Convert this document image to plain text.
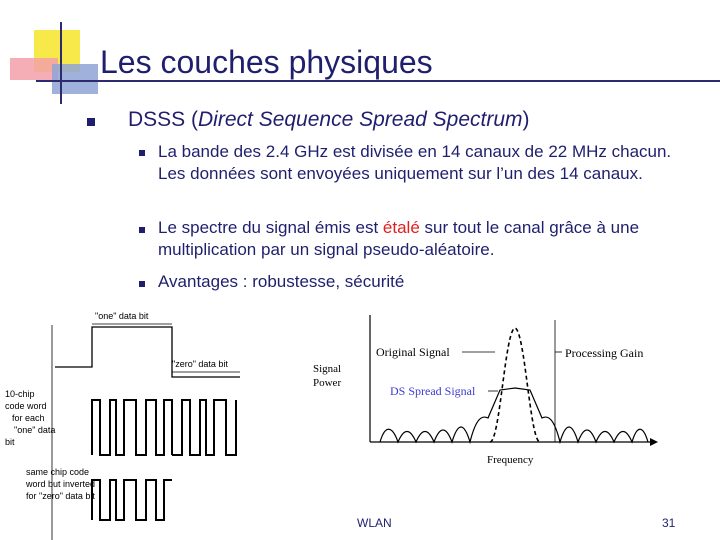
Les couches physiques
DSSS (Direct Sequence Spread Spectrum)
La bande des 2.4 GHz est divisée en 14 canaux de 22 MHz chacun. Les données sont envoyées uniquement sur l’un des 14 canaux.
Le spectre du signal émis est étalé sur tout le canal grâce à une multiplication par un signal pseudo-aléatoire.
Avantages : robustesse, sécurité
"one" data bit
"zero" data bit
10-chip
code word
for each
"one" data
bit
same chip code
word but inverted
for "zero" data bit
Signal
Power
Original Signal	Processing Gain
DS Spread Signal
Frequency
WLAN	31
